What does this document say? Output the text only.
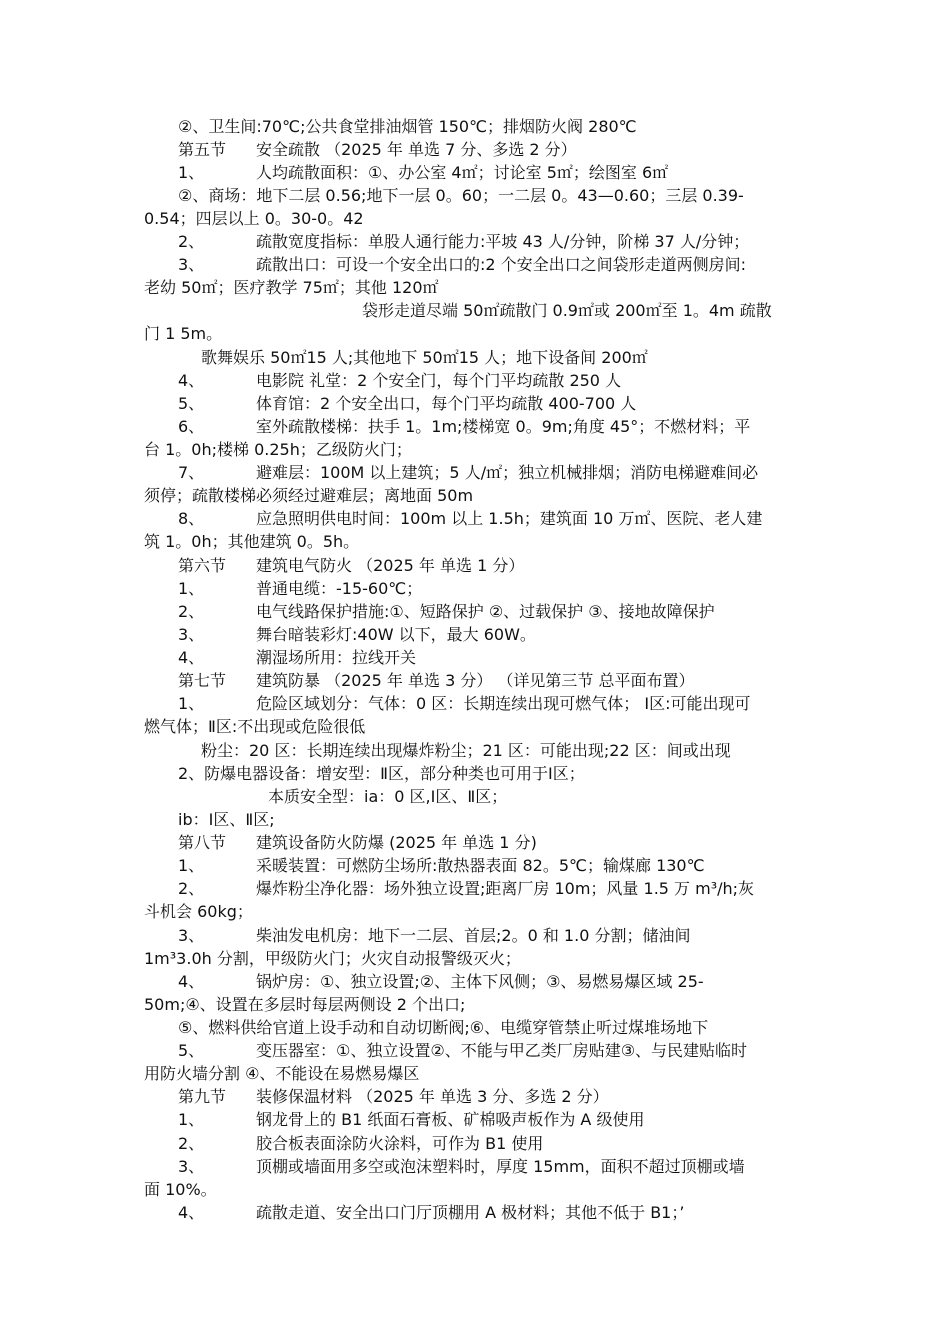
②、卫生间:70℃;公共食堂排油烟管 150℃；排烟防火阀 280℃
第五节 安全疏散 （2025 年 单选 7 分、多选 2 分）
1、	人均疏散面积：①、办公室 4㎡；讨论室 5㎡；绘图室 6㎡
②、商场：地下二层 0.56;地下一层 0。60；一二层 0。43—0.60；三层 0.39-
0.54；四层以上 0。30-0。42
2、	疏散宽度指标：单股人通行能力:平坡 43 人/分钟，阶梯 37 人/分钟；
3、	疏散出口：可设一个安全出口的:2 个安全出口之间袋形走道两侧房间:
老幼 50㎡；医疗教学 75㎡；其他 120㎡
袋形走道尽端 50㎡疏散门 0.9㎡或 200㎡至 1。4m 疏散
门 1 5m。
歌舞娱乐 50㎡15 人;其他地下 50㎡15 人；地下设备间 200㎡
4、	电影院 礼堂：2 个安全门，每个门平均疏散 250 人
5、	体育馆：2 个安全出口，每个门平均疏散 400-700 人
6、	室外疏散楼梯：扶手 1。1m;楼梯宽 0。9m;角度 45°；不燃材料；平
台 1。0h;楼梯 0.25h；乙级防火门；
7、	避难层：100M 以上建筑；5 人/㎡；独立机械排烟；消防电梯避难间必
须停；疏散楼梯必须经过避难层；离地面 50m
8、	应急照明供电时间：100m 以上 1.5h；建筑面 10 万㎡、医院、老人建
筑 1。0h；其他建筑 0。5h。
第六节 建筑电气防火 （2025 年 单选 1 分）
1、	普通电缆：-15-60℃；
2、	电气线路保护措施:①、短路保护 ②、过载保护 ③、接地故障保护
3、	舞台暗装彩灯:40W 以下，最大 60W。
4、	潮湿场所用：拉线开关
第七节 建筑防暴 （2025 年 单选 3 分） （详见第三节 总平面布置）
1、	危险区域划分：气体：0 区：长期连续出现可燃气体； Ⅰ区:可能出现可
燃气体；Ⅱ区:不出现或危险很低
粉尘：20 区：长期连续出现爆炸粉尘；21 区：可能出现;22 区：间或出现
2、防爆电器设备：增安型：Ⅱ区，部分种类也可用于Ⅰ区；
本质安全型：ia：0 区,Ⅰ区、Ⅱ区；
ib：Ⅰ区、Ⅱ区;
第八节 建筑设备防火防爆 (2025 年 单选 1 分)
1、	采暖装置：可燃防尘场所:散热器表面 82。5℃；输煤廊 130℃
2、	爆炸粉尘净化器：场外独立设置;距离厂房 10m；风量 1.5 万 m³/h;灰
斗机会 60kg；
3、	柴油发电机房：地下一二层、首层;2。0 和 1.0 分割；储油间
1m³3.0h 分割，甲级防火门；火灾自动报警级灭火；
4、	锅炉房：①、独立设置;②、主体下风侧；③、易燃易爆区域 25-
50m;④、设置在多层时每层两侧设 2 个出口;
⑤、燃料供给官道上设手动和自动切断阀;⑥、电缆穿管禁止听过煤堆场地下
5、	变压器室：①、独立设置②、不能与甲乙类厂房贴建③、与民建贴临时
用防火墙分割 ④、不能设在易燃易爆区
第九节 装修保温材料 （2025 年 单选 3 分、多选 2 分）
1、	钢龙骨上的 B1 纸面石膏板、矿棉吸声板作为 A 级使用
2、	胶合板表面涂防火涂料，可作为 B1 使用
3、	顶棚或墙面用多空或泡沫塑料时，厚度 15mm，面积不超过顶棚或墙
面 10%。
4、	疏散走道、安全出口门厅顶棚用 A 极材料；其他不低于 B1；’
